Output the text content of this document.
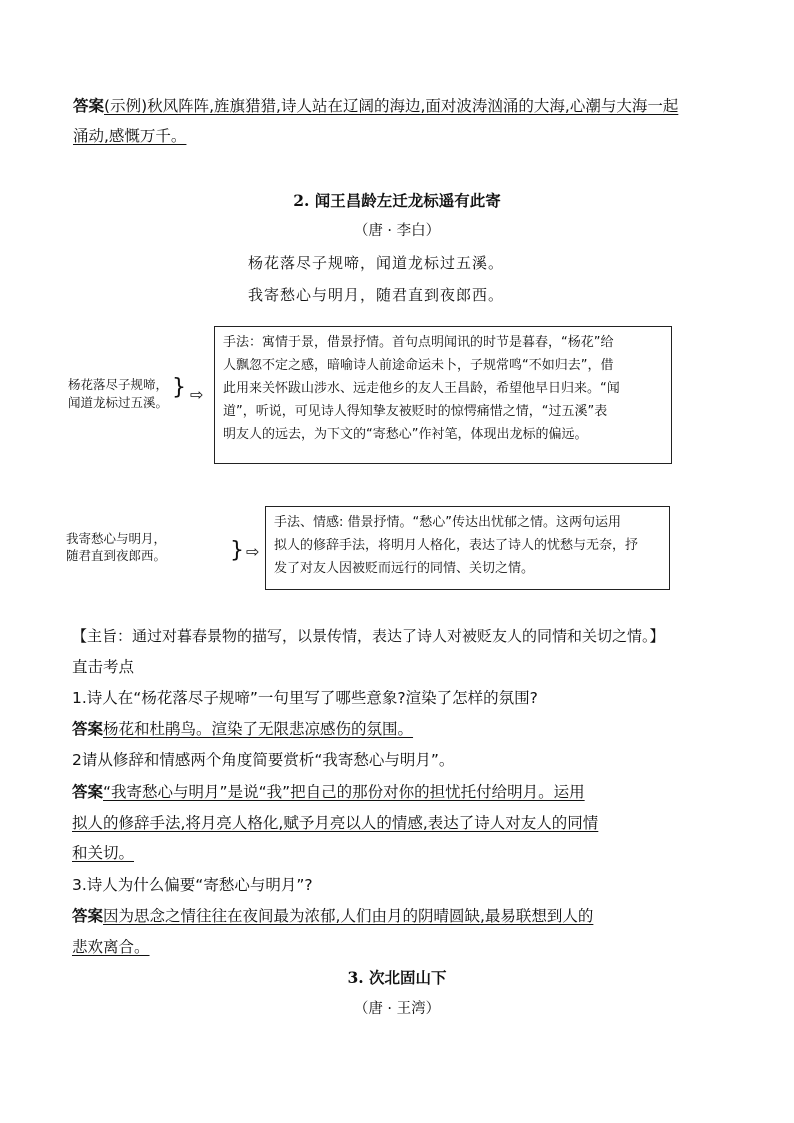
答案(示例)秋风阵阵,旌旗猎猎,诗人站在辽阔的海边,面对波涛汹涌的大海,心潮与大海一起
涌动,感慨万千。
2. 闻王昌龄左迁龙标遥有此寄
（唐 · 李白）
杨花落尽子规啼，闻道龙标过五溪。
我寄愁心与明月，随君直到夜郎西。
杨花落尽子规啼，
闻道龙标过五溪。
} ⇨
手法：寓情于景，借景抒情。首句点明闻讯的时节是暮春，“杨花”给
人飘忽不定之感，暗喻诗人前途命运未卜，子规常鸣“不如归去”，借
此用来关怀跋山涉水、远走他乡的友人王昌龄，希望他早日归来。“闻
道”，听说，可见诗人得知挚友被贬时的惊愕痛惜之情，“过五溪”表
明友人的远去，为下文的“寄愁心”作衬笔，体现出龙标的偏远。
我寄愁心与明月，
随君直到夜郎西。	} ⇨
手法、情感: 借景抒情。“愁心”传达出忧郁之情。这两句运用
拟人的修辞手法，将明月人格化，表达了诗人的忧愁与无奈，抒
发了对友人因被贬而远行的同情、关切之情。
【主旨：通过对暮春景物的描写，以景传情，表达了诗人对被贬友人的同情和关切之情。】
直击考点
1.诗人在“杨花落尽子规啼”一句里写了哪些意象?渲染了怎样的氛围?
答案杨花和杜鹃鸟。渲染了无限悲凉感伤的氛围。
2请从修辞和情感两个角度简要赏析“我寄愁心与明月”。
答案“我寄愁心与明月”是说“我”把自己的那份对你的担忧托付给明月。运用
拟人的修辞手法,将月亮人格化,赋予月亮以人的情感,表达了诗人对友人的同情
和关切。
3.诗人为什么偏要“寄愁心与明月”?
答案因为思念之情往往在夜间最为浓郁,人们由月的阴晴圆缺,最易联想到人的
悲欢离合。
3. 次北固山下
（唐 · 王湾）
